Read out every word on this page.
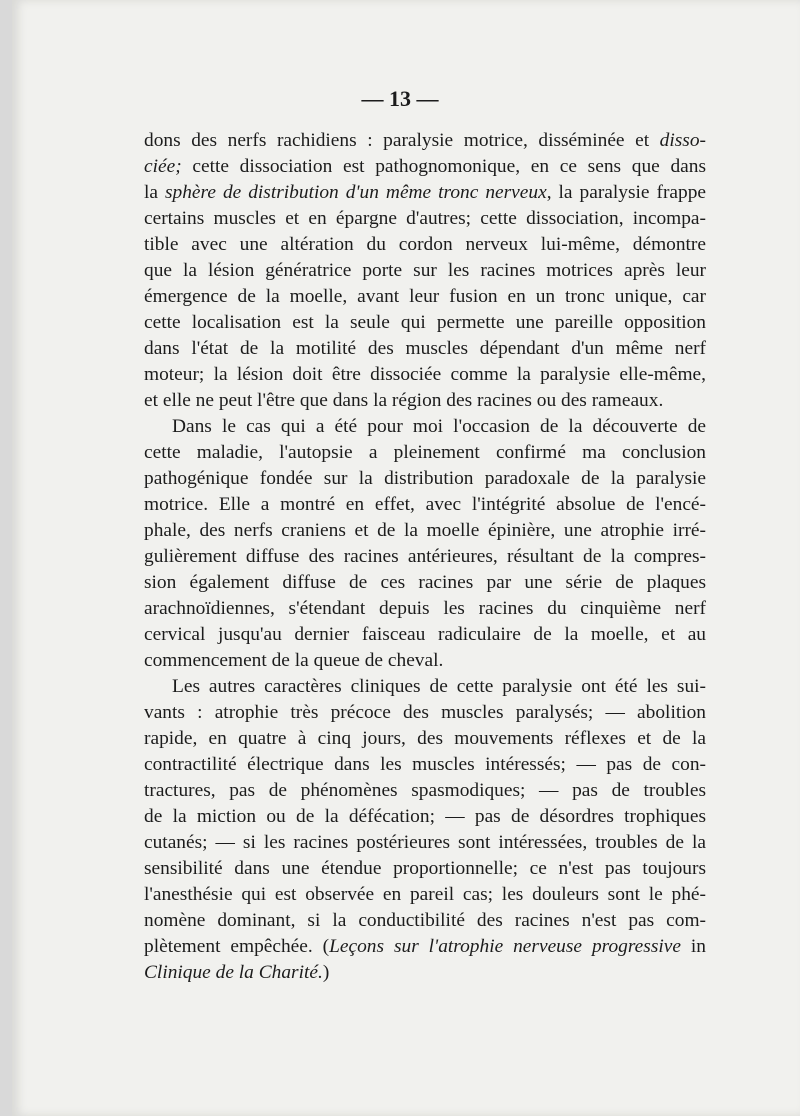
— 13 —
dons des nerfs rachidiens : paralysie motrice, disséminée et disso-
ciée; cette dissociation est pathognomonique, en ce sens que dans
la sphère de distribution d'un même tronc nerveux, la paralysie frappe
certains muscles et en épargne d'autres; cette dissociation, incompa-
tible avec une altération du cordon nerveux lui-même, démontre
que la lésion génératrice porte sur les racines motrices après leur
émergence de la moelle, avant leur fusion en un tronc unique, car
cette localisation est la seule qui permette une pareille opposition
dans l'état de la motilité des muscles dépendant d'un même nerf
moteur; la lésion doit être dissociée comme la paralysie elle-même,
et elle ne peut l'être que dans la région des racines ou des rameaux.
Dans le cas qui a été pour moi l'occasion de la découverte de
cette maladie, l'autopsie a pleinement confirmé ma conclusion
pathogénique fondée sur la distribution paradoxale de la paralysie
motrice. Elle a montré en effet, avec l'intégrité absolue de l'encé-
phale, des nerfs craniens et de la moelle épinière, une atrophie irré-
gulièrement diffuse des racines antérieures, résultant de la compres-
sion également diffuse de ces racines par une série de plaques
arachnoïdiennes, s'étendant depuis les racines du cinquième nerf
cervical jusqu'au dernier faisceau radiculaire de la moelle, et au
commencement de la queue de cheval.
Les autres caractères cliniques de cette paralysie ont été les sui-
vants : atrophie très précoce des muscles paralysés; — abolition
rapide, en quatre à cinq jours, des mouvements réflexes et de la
contractilité électrique dans les muscles intéressés; — pas de con-
tractures, pas de phénomènes spasmodiques; — pas de troubles
de la miction ou de la défécation; — pas de désordres trophiques
cutanés; — si les racines postérieures sont intéressées, troubles de la
sensibilité dans une étendue proportionnelle; ce n'est pas toujours
l'anesthésie qui est observée en pareil cas; les douleurs sont le phé-
nomène dominant, si la conductibilité des racines n'est pas com-
plètement empêchée. (Leçons sur l'atrophie nerveuse progressive in
Clinique de la Charité.)
